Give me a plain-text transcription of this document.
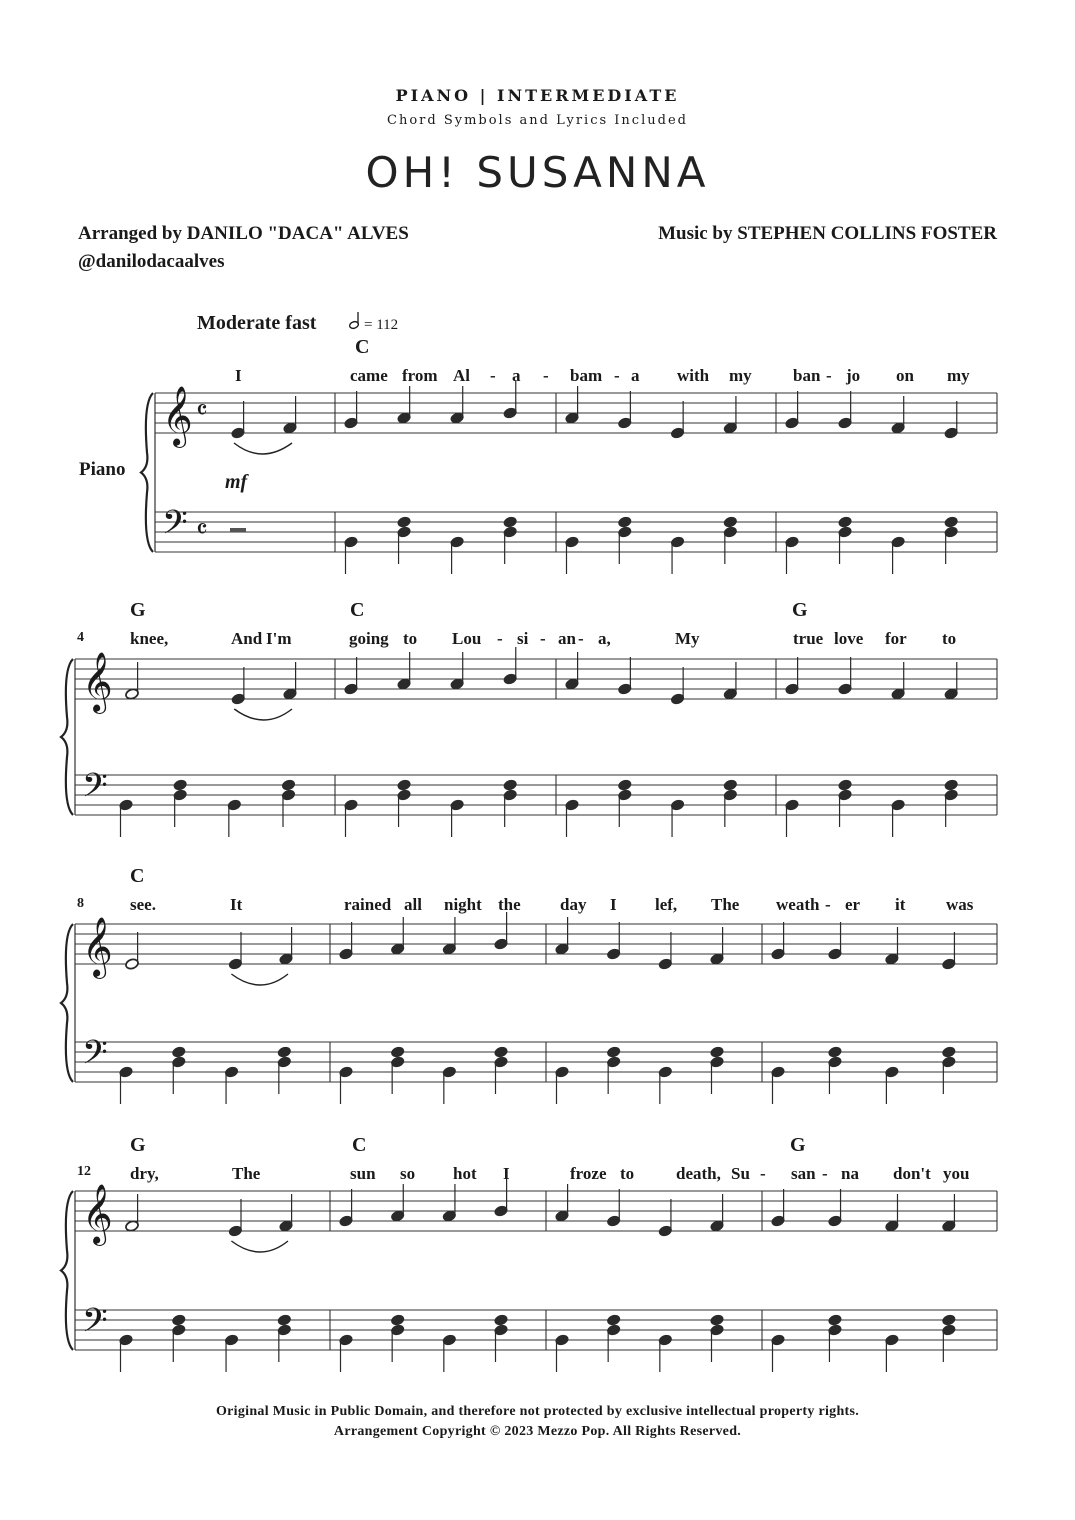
PIANO | INTERMEDIATE
Chord Symbols and Lyrics Included
OH! SUSANNA
Arranged by DANILO "DACA" ALVES
@danilodacaalves
Music by STEPHEN COLLINS FOSTER
Moderate fast	= 112
Piano
mf
𝄞
𝄢
𝄴
𝄴
C
I	came from Al - a - bam - a with my ban - jo on my
𝄞
𝄢
4
G	C	G
knee,	And I'm	going to Lou - si - an - a,	My	true love for to
𝄞
𝄢
8
C
see.	It	rained all night the day I lef, The weath - er it was
𝄞
𝄢
12
G	C	G
dry,	The	sun so hot I	froze to death, Su - san - na don't you
Original Music in Public Domain, and therefore not protected by exclusive intellectual property rights.
Arrangement Copyright © 2023 Mezzo Pop. All Rights Reserved.
